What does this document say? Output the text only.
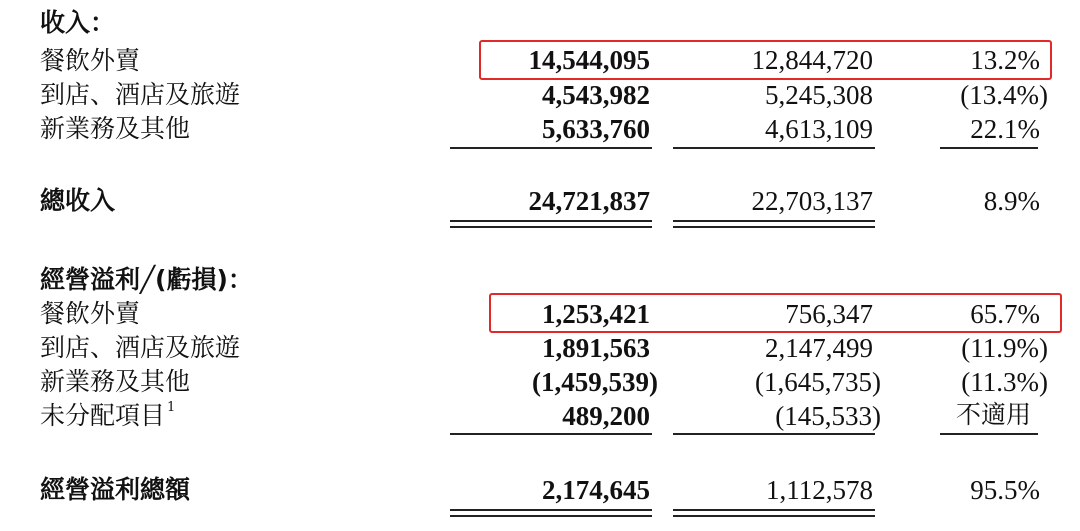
收入：
餐飲外賣	14,544,095	12,844,720	13.2%
到店、酒店及旅遊	4,543,982	5,245,308	(13.4%)
新業務及其他	5,633,760	4,613,109	22.1%
總收入	24,721,837	22,703,137	8.9%
經營溢利╱(虧損)：
餐飲外賣	1,253,421	756,347	65.7%
到店、酒店及旅遊	1,891,563	2,147,499	(11.9%)
新業務及其他	(1,459,539)	(1,645,735)	(11.3%)
未分配項目 $^1$	489,200	(145,533)	不適用
經營溢利總額	2,174,645	1,112,578	95.5%
